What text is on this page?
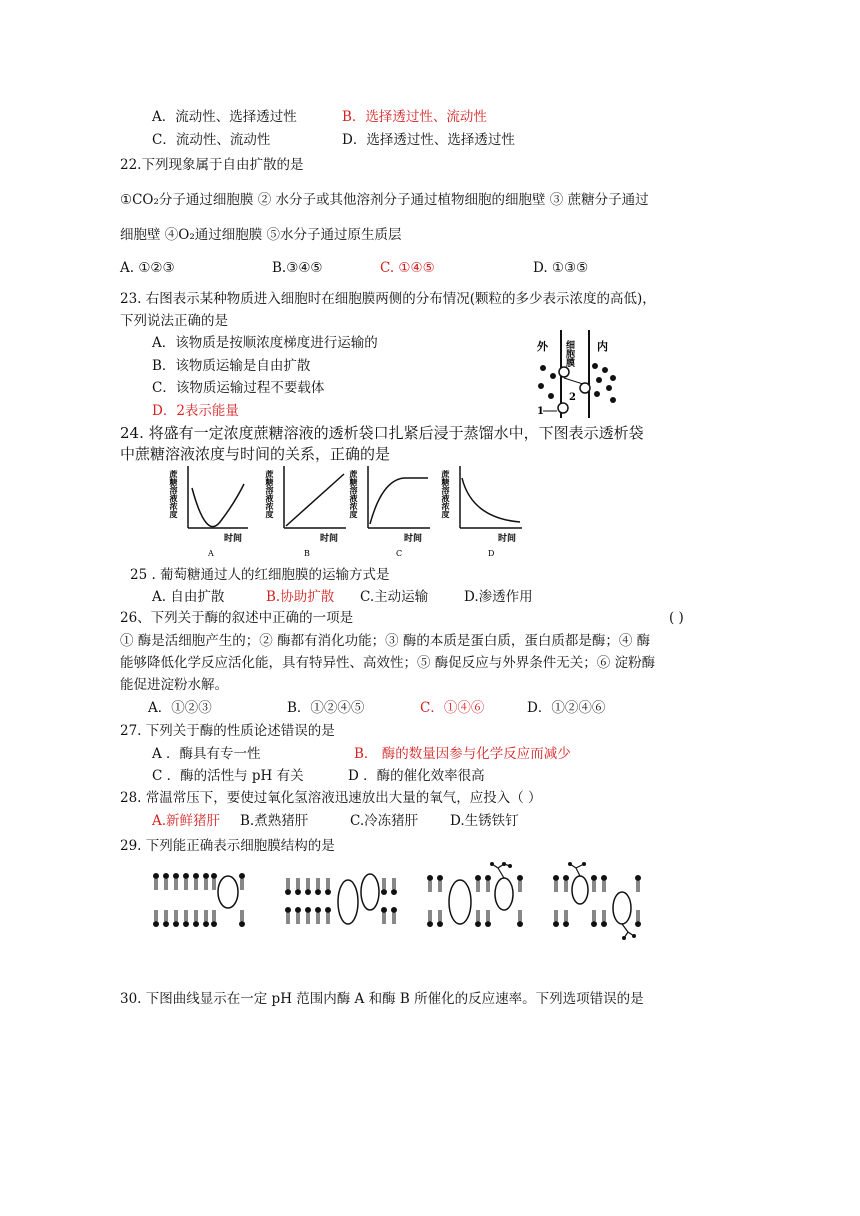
A．流动性、选择透过性	B．选择透过性、流动性
C．流动性、流动性	D．选择透过性、选择透过性
22.下列现象属于自由扩散的是
①CO₂分子通过细胞膜 ② 水分子或其他溶剂分子通过植物细胞的细胞壁 ③ 蔗糖分子通过
细胞壁 ④O₂通过细胞膜 ⑤水分子通过原生质层
A. ①②③	B.③④⑤	C. ①④⑤	D. ①③⑤
23. 右图表示某种物质进入细胞时在细胞膜两侧的分布情况(颗粒的多少表示浓度的高低)，
下列说法正确的是
A．该物质是按顺浓度梯度进行运输的
B．该物质运输是自由扩散
C．该物质运输过程不要载体
D．2表示能量
外 细胞膜 内
2
1
24. 将盛有一定浓度蔗糖溶液的透析袋口扎紧后浸于蒸馏水中，下图表示透析袋
中蔗糖溶液浓度与时间的关系，正确的是
蔗糖溶液浓度
时间
A
蔗糖溶液浓度
时间
B
蔗糖溶液浓度
时间
C
蔗糖溶液浓度
时间
D
25 . 葡萄糖通过人的红细胞膜的运输方式是
A. 自由扩散	B.协助扩散 C.主动运输	D.渗透作用
26、下列关于酶的叙述中正确的一项是	( )
① 酶是活细胞产生的；② 酶都有消化功能；③ 酶的本质是蛋白质，蛋白质都是酶；④ 酶
能够降低化学反应活化能，具有特异性、高效性；⑤ 酶促反应与外界条件无关；⑥ 淀粉酶
能促进淀粉水解。
A．①②③	B．①②④⑤	C．①④⑥	D．①②④⑥
27. 下列关于酶的性质论述错误的是
A ．酶具有专一性	B． 酶的数量因参与化学反应而减少
C ．酶的活性与 pH 有关	D ．酶的催化效率很高
28. 常温常压下，要使过氧化氢溶液迅速放出大量的氧气，应投入（ ）
A.新鲜猪肝 B.煮熟猪肝	C.冷冻猪肝 D.生锈铁钉
29. 下列能正确表示细胞膜结构的是
30. 下图曲线显示在一定 pH 范围内酶 A 和酶 B 所催化的反应速率。下列选项错误的是
